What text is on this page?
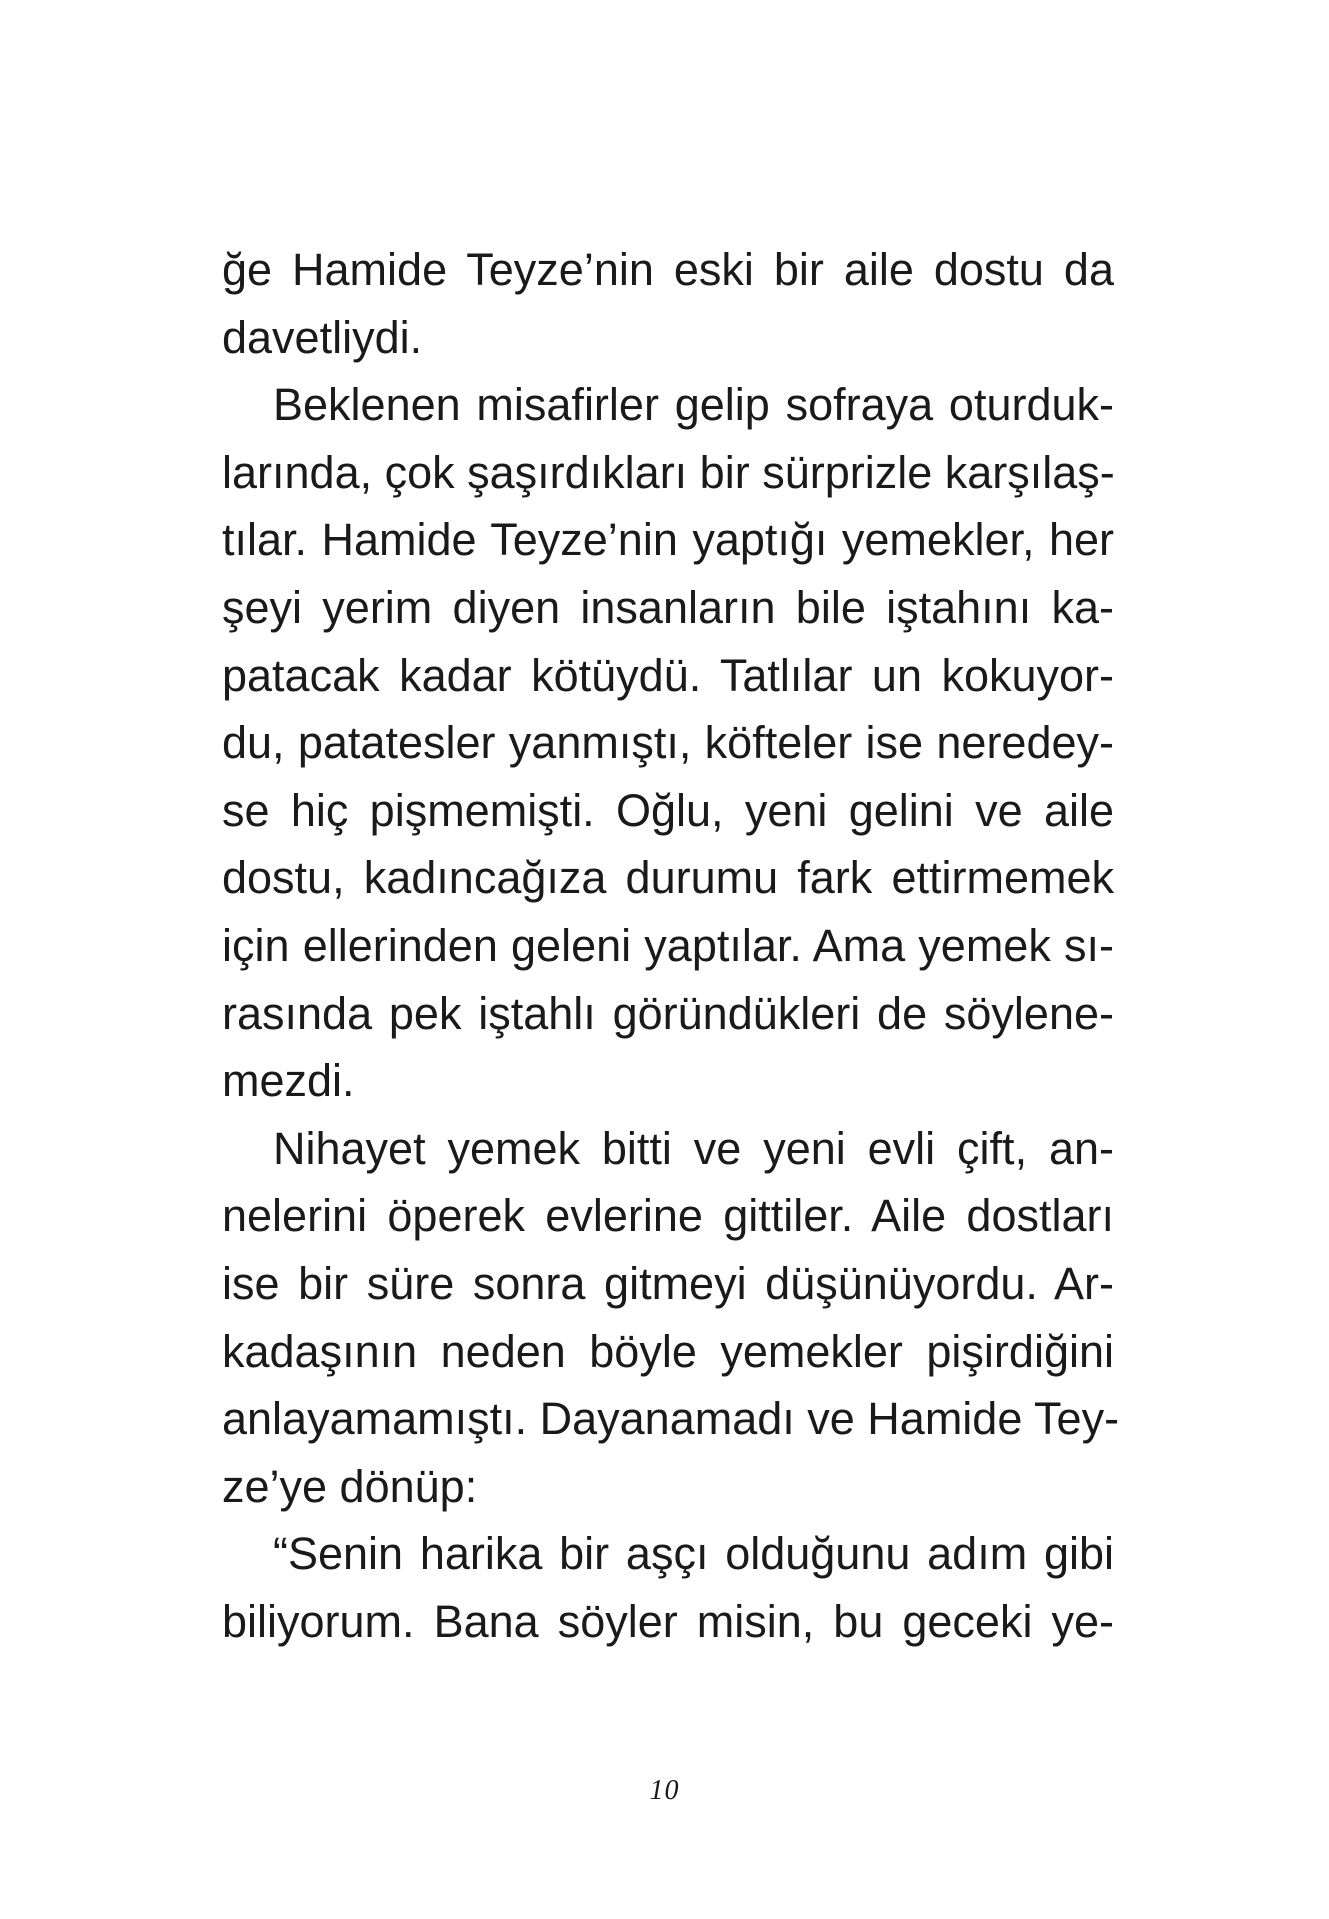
ğe Hamide Teyze’nin eski bir aile dostu da
davetliydi.
Beklenen misafirler gelip sofraya oturduk-
larında, çok şaşırdıkları bir sürprizle karşılaş-
tılar. Hamide Teyze’nin yaptığı yemekler, her
şeyi yerim diyen insanların bile iştahını ka-
patacak kadar kötüydü. Tatlılar un kokuyor-
du, patatesler yanmıştı, köfteler ise neredey-
se hiç pişmemişti. Oğlu, yeni gelini ve aile
dostu, kadıncağıza durumu fark ettirmemek
için ellerinden geleni yaptılar. Ama yemek sı-
rasında pek iştahlı göründükleri de söylene-
mezdi.
Nihayet yemek bitti ve yeni evli çift, an-
nelerini öperek evlerine gittiler. Aile dostları
ise bir süre sonra gitmeyi düşünüyordu. Ar-
kadaşının neden böyle yemekler pişirdiğini
anlayamamıştı. Dayanamadı ve Hamide Tey-
ze’ye dönüp:
“Senin harika bir aşçı olduğunu adım gibi
biliyorum. Bana söyler misin, bu geceki ye-
10
